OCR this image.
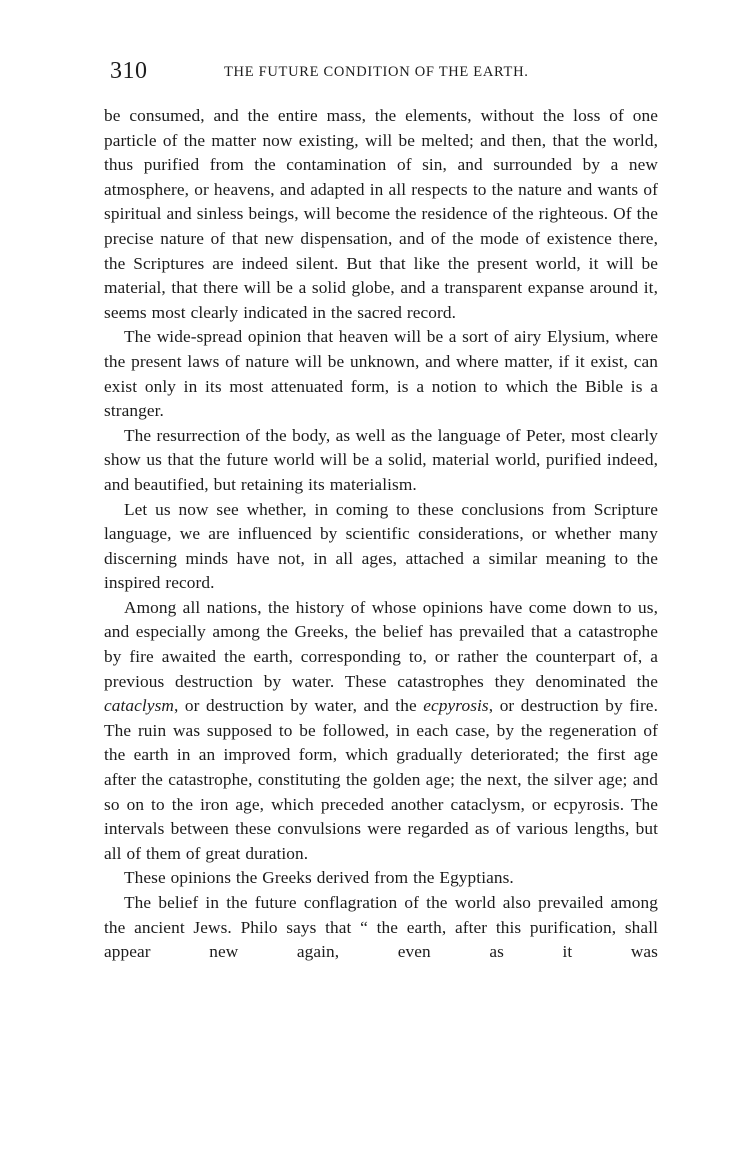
310	THE FUTURE CONDITION OF THE EARTH.

be consumed, and the entire mass, the elements, without the loss of one particle of the matter now existing, will be melted; and then, that the world, thus purified from the contamination of sin, and surrounded by a new atmosphere, or heavens, and adapted in all respects to the nature and wants of spiritual and sinless beings, will become the residence of the righteous. Of the precise nature of that new dispensation, and of the mode of existence there, the Scriptures are indeed silent. But that like the present world, it will be material, that there will be a solid globe, and a transparent expanse around it, seems most clearly indicated in the sacred record.

The wide-spread opinion that heaven will be a sort of airy Elysium, where the present laws of nature will be unknown, and where matter, if it exist, can exist only in its most attenuated form, is a notion to which the Bible is a stranger.

The resurrection of the body, as well as the language of Peter, most clearly show us that the future world will be a solid, material world, purified indeed, and beautified, but retaining its materialism.

Let us now see whether, in coming to these conclusions from Scripture language, we are influenced by scientific considerations, or whether many discerning minds have not, in all ages, attached a similar meaning to the inspired record.

Among all nations, the history of whose opinions have come down to us, and especially among the Greeks, the belief has prevailed that a catastrophe by fire awaited the earth, corresponding to, or rather the counterpart of, a previous destruction by water. These catastrophes they denominated the cataclysm, or destruction by water, and the ecpyrosis, or destruction by fire. The ruin was supposed to be followed, in each case, by the regeneration of the earth in an improved form, which gradually deteriorated; the first age after the catastrophe, constituting the golden age; the next, the silver age; and so on to the iron age, which preceded another cataclysm, or ecpyrosis. The intervals between these convulsions were regarded as of various lengths, but all of them of great duration.

These opinions the Greeks derived from the Egyptians.

The belief in the future conflagration of the world also prevailed among the ancient Jews. Philo says that “ the earth, after this purification, shall appear new again, even as it was
